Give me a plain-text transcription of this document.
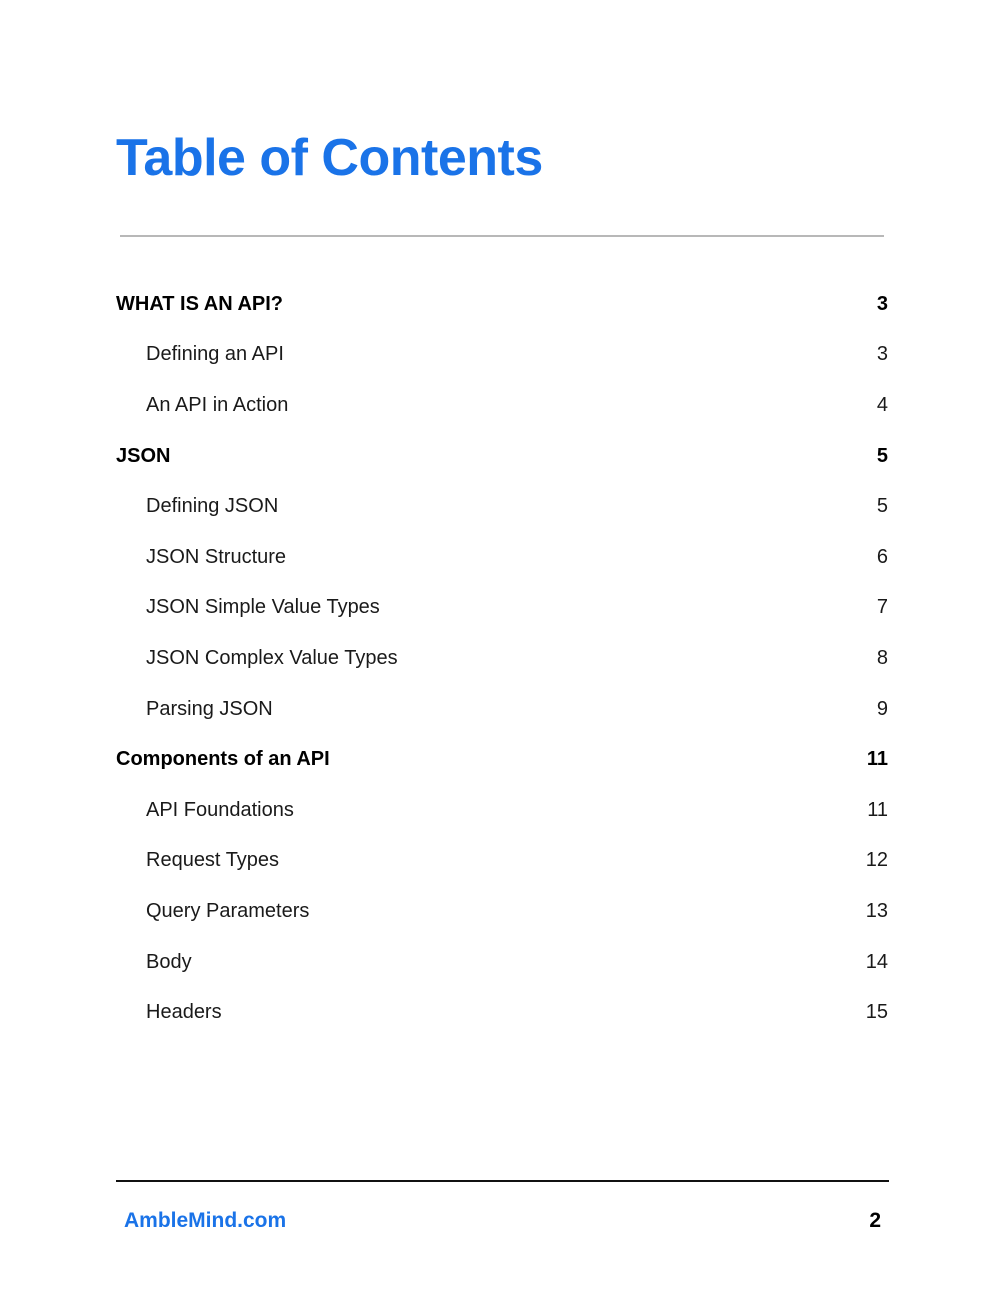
Table of Contents
WHAT IS AN API?	3
Defining an API	3
An API in Action	4
JSON	5
Defining JSON	5
JSON Structure	6
JSON Simple Value Types	7
JSON Complex Value Types	8
Parsing JSON	9
Components of an API	11
API Foundations	11
Request Types	12
Query Parameters	13
Body	14
Headers	15
AmbleMind.com	2
